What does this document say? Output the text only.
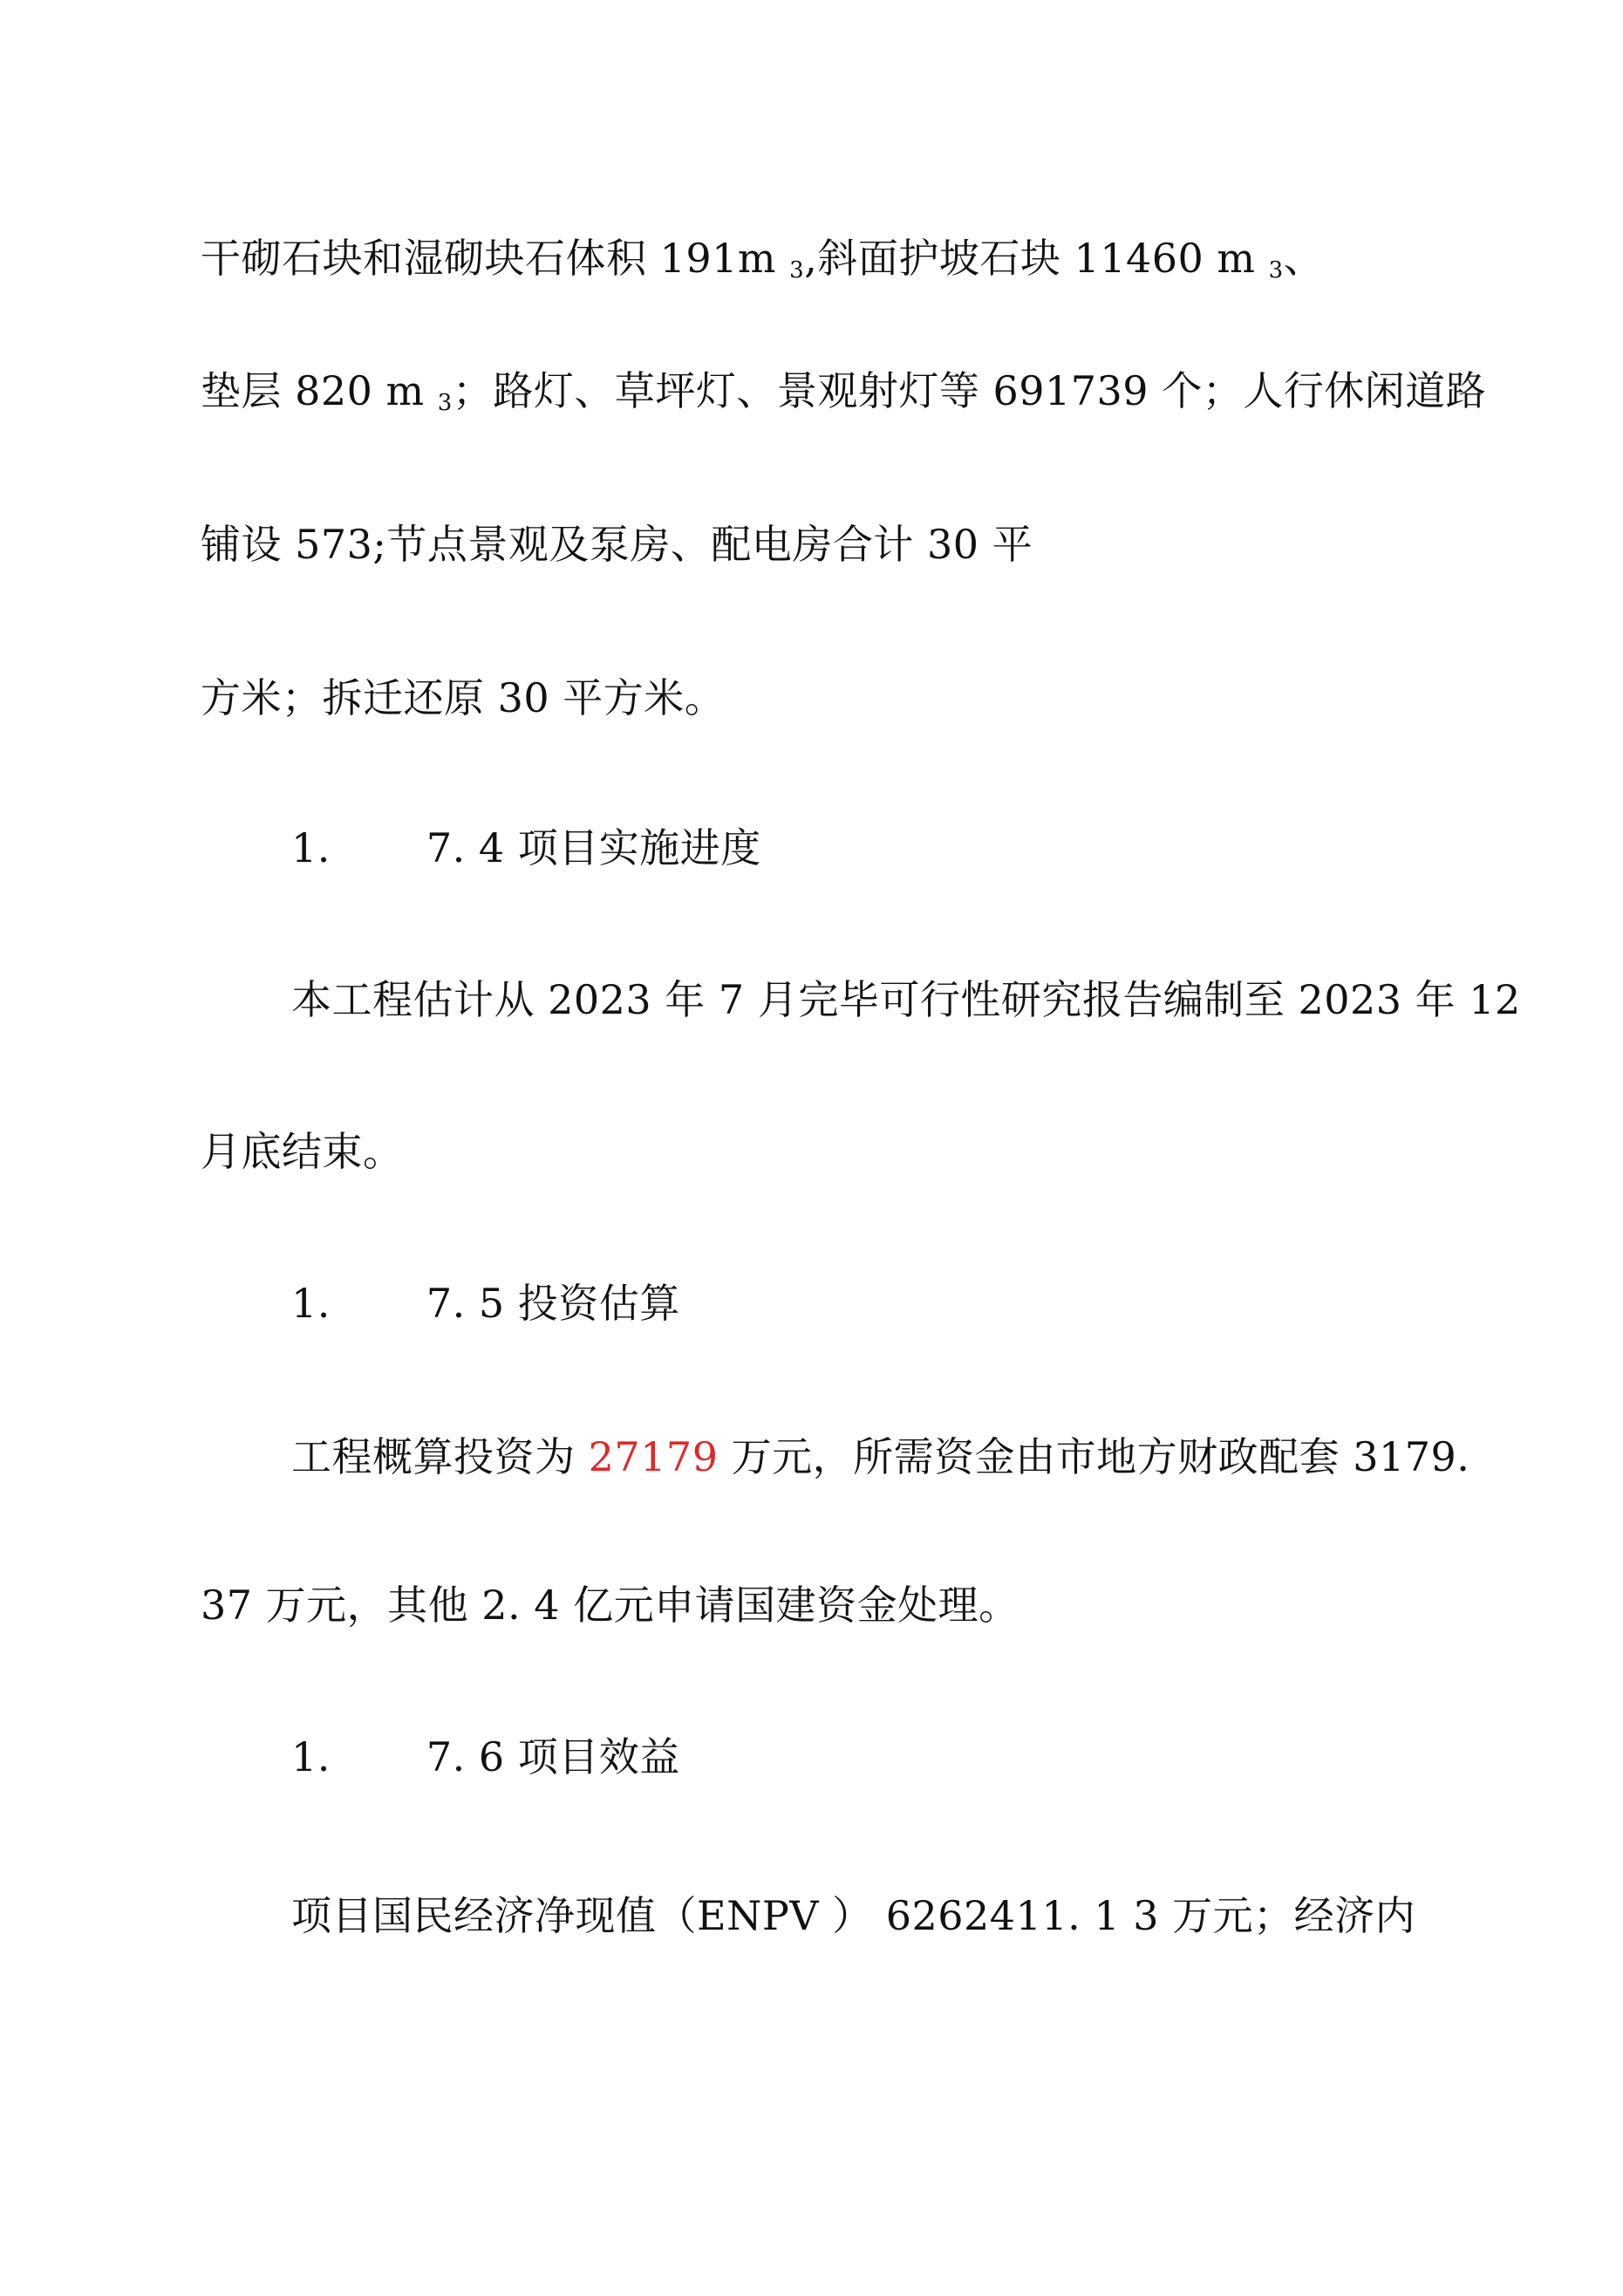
干砌石块和湿砌块石体积 191m 3,斜面护坡石块 11460 m 3、
垫层 820 m 3；路灯、草坪灯、景观射灯等 691739 个；人行休闲道路
铺设 573;节点景观及泵房、配电房合计 30 平
方米；拆迁还原 30 平方米。
1. 7. 4 项目实施进度
本工程估计从 2023 年 7 月完毕可行性研究报告编制至 2023 年 12
月底结束。
1. 7. 5 投资估算
工程概算投资为 27179 万元，所需资金由市地方财政配套 3179.
37 万元，其他 2. 4 亿元申请国建资金处理。
1. 7. 6 项目效益
项目国民经济净现值（ENPV ） 6262411. 1 3 万元；经济内
